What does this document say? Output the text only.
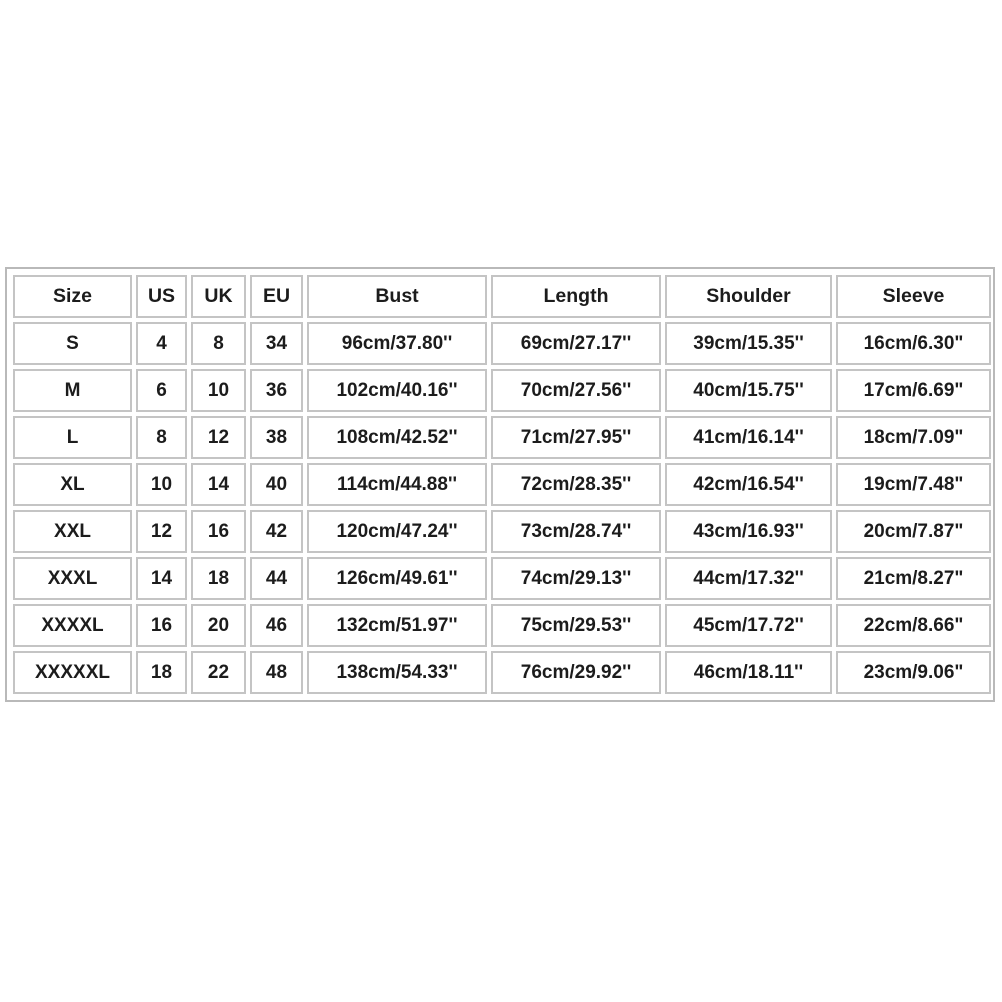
Size	US	UK	EU	Bust	Length	Shoulder	Sleeve
S	4	8	34	96cm/37.80''	69cm/27.17''	39cm/15.35''	16cm/6.30"
M	6	10	36	102cm/40.16''	70cm/27.56''	40cm/15.75''	17cm/6.69"
L	8	12	38	108cm/42.52''	71cm/27.95''	41cm/16.14''	18cm/7.09"
XL	10	14	40	114cm/44.88''	72cm/28.35''	42cm/16.54''	19cm/7.48"
XXL	12	16	42	120cm/47.24''	73cm/28.74''	43cm/16.93''	20cm/7.87"
XXXL	14	18	44	126cm/49.61''	74cm/29.13''	44cm/17.32''	21cm/8.27"
XXXXL	16	20	46	132cm/51.97''	75cm/29.53''	45cm/17.72''	22cm/8.66"
XXXXXL	18	22	48	138cm/54.33''	76cm/29.92''	46cm/18.11''	23cm/9.06"
